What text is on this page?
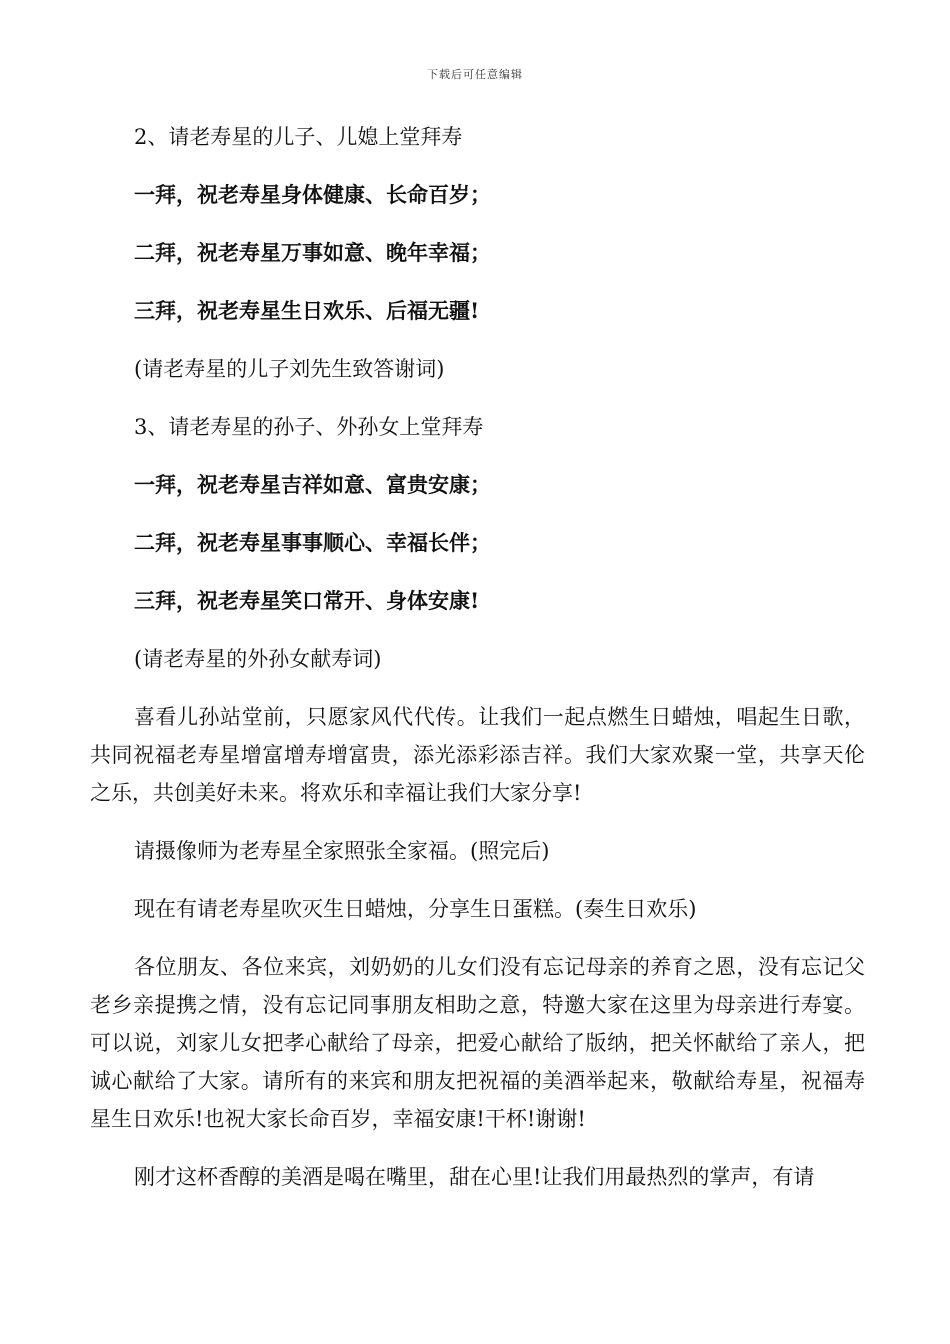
下载后可任意编辑

2、请老寿星的儿子、儿媳上堂拜寿

一拜，祝老寿星身体健康、长命百岁；

二拜，祝老寿星万事如意、晚年幸福；

三拜，祝老寿星生日欢乐、后福无疆!

(请老寿星的儿子刘先生致答谢词)

3、请老寿星的孙子、外孙女上堂拜寿

一拜，祝老寿星吉祥如意、富贵安康；

二拜，祝老寿星事事顺心、幸福长伴；

三拜，祝老寿星笑口常开、身体安康!

(请老寿星的外孙女献寿词)

喜看儿孙站堂前，只愿家风代代传。让我们一起点燃生日蜡烛，唱起生日歌，共同祝福老寿星增富增寿增富贵，添光添彩添吉祥。我们大家欢聚一堂，共享天伦之乐，共创美好未来。将欢乐和幸福让我们大家分享!

请摄像师为老寿星全家照张全家福。(照完后)

现在有请老寿星吹灭生日蜡烛，分享生日蛋糕。(奏生日欢乐)

各位朋友、各位来宾，刘奶奶的儿女们没有忘记母亲的养育之恩，没有忘记父老乡亲提携之情，没有忘记同事朋友相助之意，特邀大家在这里为母亲进行寿宴。可以说，刘家儿女把孝心献给了母亲，把爱心献给了版纳，把关怀献给了亲人，把诚心献给了大家。请所有的来宾和朋友把祝福的美酒举起来，敬献给寿星，祝福寿星生日欢乐!也祝大家长命百岁，幸福安康!干杯!谢谢!

刚才这杯香醇的美酒是喝在嘴里，甜在心里!让我们用最热烈的掌声，有请
